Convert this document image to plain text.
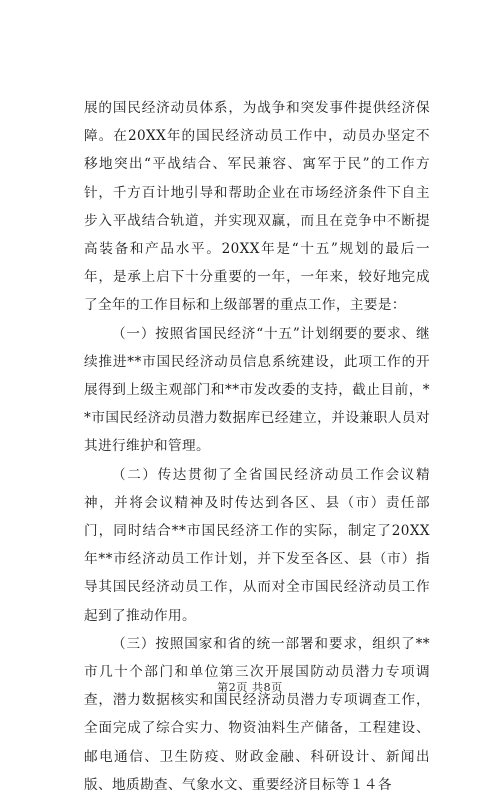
展的国民经济动员体系，为战争和突发事件提供经济保障。在20XX年的国民经济动员工作中，动员办坚定不移地突出“平战结合、军民兼容、寓军于民”的工作方针，千方百计地引导和帮助企业在市场经济条件下自主步入平战结合轨道，并实现双赢，而且在竞争中不断提高装备和产品水平。20XX年是“十五”规划的最后一年，是承上启下十分重要的一年，一年来，较好地完成了全年的工作目标和上级部署的重点工作，主要是：

（一）按照省国民经济“十五”计划纲要的要求、继续推进**市国民经济动员信息系统建设，此项工作的开展得到上级主观部门和**市发改委的支持，截止目前，**市国民经济动员潜力数据库已经建立，并设兼职人员对其进行维护和管理。

（二）传达贯彻了全省国民经济动员工作会议精神，并将会议精神及时传达到各区、县（市）责任部门，同时结合**市国民经济工作的实际，制定了20XX年**市经济动员工作计划，并下发至各区、县（市）指导其国民经济动员工作，从而对全市国民经济动员工作起到了推动作用。

（三）按照国家和省的统一部署和要求，组织了**市几十个部门和单位第三次开展国防动员潜力专项调查，潜力数据核实和国民经济动员潜力专项调查工作，全面完成了综合实力、物资油料生产储备，工程建设、邮电通信、卫生防疫、财政金融、科研设计、新闻出版、地质勘查、气象水文、重要经济目标等１４各

第2页 共8页
